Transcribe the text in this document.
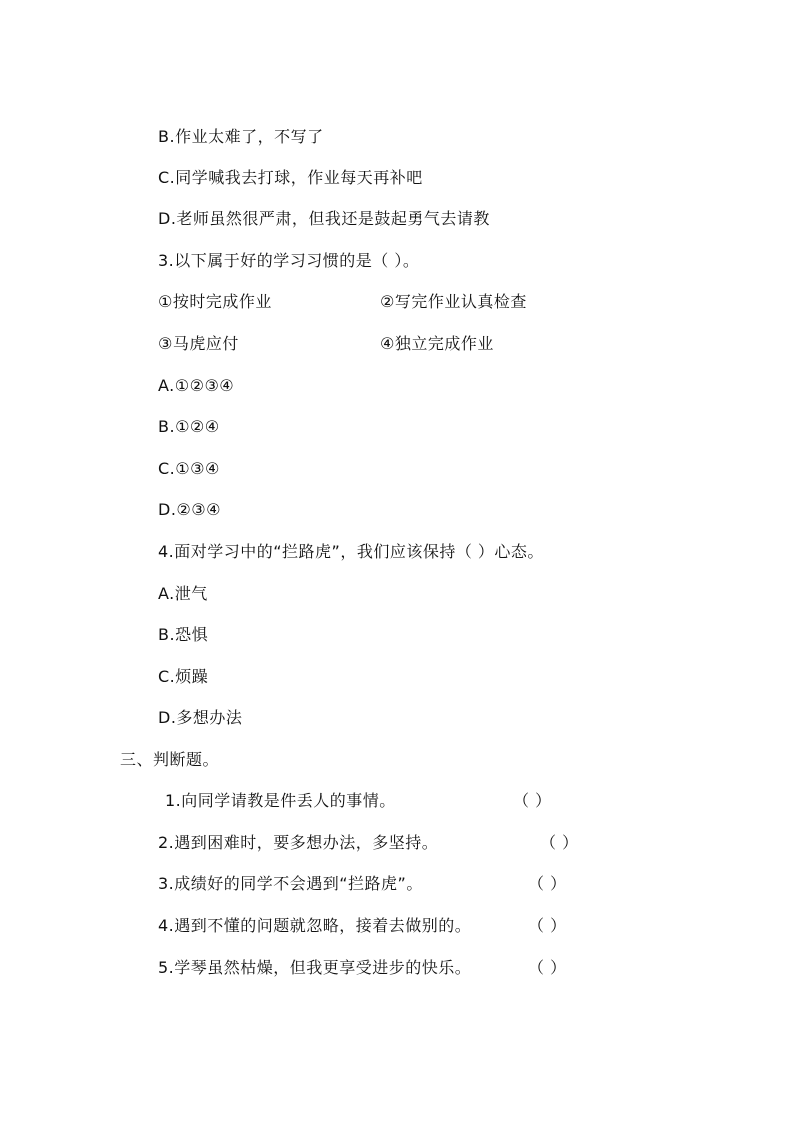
B.作业太难了，不写了
C.同学喊我去打球，作业每天再补吧
D.老师虽然很严肃，但我还是鼓起勇气去请教
3.以下属于好的学习习惯的是（ ）。
①按时完成作业	②写完作业认真检查
③马虎应付	④独立完成作业
A.①②③④
B.①②④
C.①③④
D.②③④
4.面对学习中的“拦路虎”，我们应该保持（ ）心态。
A.泄气
B.恐惧
C.烦躁
D.多想办法
三、判断题。
1.向同学请教是件丢人的事情。	（ ）
2.遇到困难时，要多想办法，多坚持。	（ ）
3.成绩好的同学不会遇到“拦路虎”。	（ ）
4.遇到不懂的问题就忽略，接着去做别的。	（ ）
5.学琴虽然枯燥，但我更享受进步的快乐。	（ ）
